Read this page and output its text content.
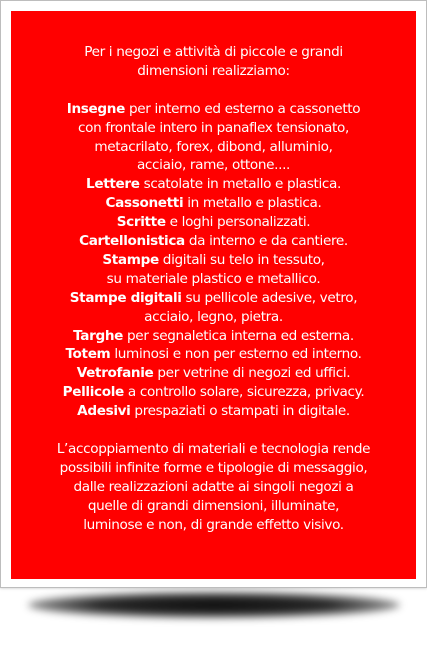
Per i negozi e attività di piccole e grandi
dimensioni realizziamo:
Insegne per interno ed esterno a cassonetto
con frontale intero in panaflex tensionato,
metacrilato, forex, dibond, alluminio,
acciaio, rame, ottone....
Lettere scatolate in metallo e plastica.
Cassonetti in metallo e plastica.
Scritte e loghi personalizzati.
Cartellonistica da interno e da cantiere.
Stampe digitali su telo in tessuto,
su materiale plastico e metallico.
Stampe digitali su pellicole adesive, vetro,
acciaio, legno, pietra.
Targhe per segnaletica interna ed esterna.
Totem luminosi e non per esterno ed interno.
Vetrofanie per vetrine di negozi ed uffici.
Pellicole a controllo solare, sicurezza, privacy.
Adesivi prespaziati o stampati in digitale.
L’accoppiamento di materiali e tecnologia rende
possibili infinite forme e tipologie di messaggio,
dalle realizzazioni adatte ai singoli negozi a
quelle di grandi dimensioni, illuminate,
luminose e non, di grande effetto visivo.
